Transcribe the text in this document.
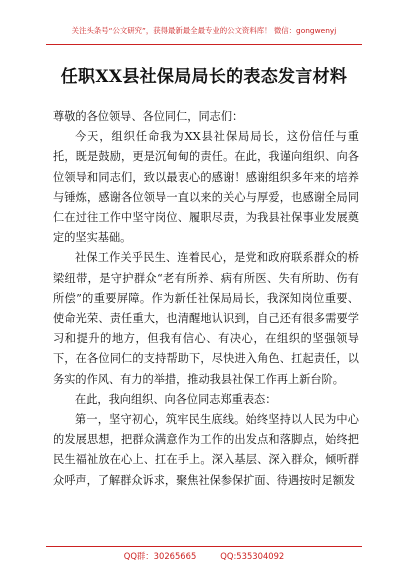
关注头条号“公文研究”，获得最新最全最专业的公文资料库！ 微信：gongwenyj
任职XX县社保局局长的表态发言材料

尊敬的各位领导、各位同仁，同志们：

今天，组织任命我为XX县社保局局长，这份信任与重托，既是鼓励，更是沉甸甸的责任。在此，我谨向组织、向各位领导和同志们，致以最衷心的感谢！感谢组织多年来的培养与锤炼，感谢各位领导一直以来的关心与厚爱，也感谢全局同仁在过往工作中坚守岗位、履职尽责，为我县社保事业发展奠定的坚实基础。

社保工作关乎民生、连着民心，是党和政府联系群众的桥梁纽带，是守护群众“老有所养、病有所医、失有所助、伤有所偿”的重要屏障。作为新任社保局局长，我深知岗位重要、使命光荣、责任重大，也清醒地认识到，自己还有很多需要学习和提升的地方，但我有信心、有决心，在组织的坚强领导下，在各位同仁的支持帮助下，尽快进入角色、扛起责任，以务实的作风、有力的举措，推动我县社保工作再上新台阶。

在此，我向组织、向各位同志郑重表态：

第一，坚守初心，筑牢民生底线。始终坚持以人民为中心的发展思想，把群众满意作为工作的出发点和落脚点，始终把民生福祉放在心上、扛在手上。深入基层、深入群众，倾听群众呼声，了解群众诉求，聚焦社保参保扩面、待遇按时足额发

QQ群：30265665	QQ:535304092
